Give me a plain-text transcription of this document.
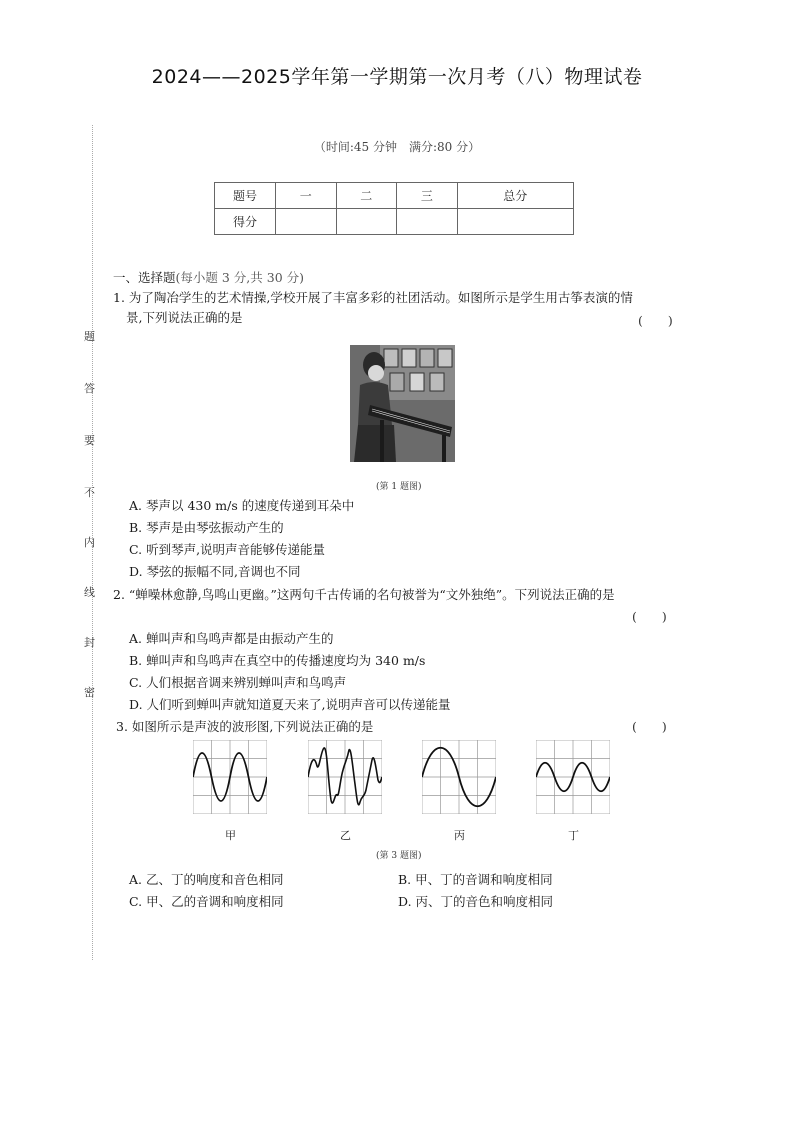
题
答
要
不
内
线
封
密
2024——2025学年第一学期第一次月考（八）物理试卷
（时间:45 分钟　满分:80 分）
题号	一	二	三	总分
得分				
一、选择题(每小题 3 分,共 30 分)
1. 为了陶冶学生的艺术情操,学校开展了丰富多彩的社团活动。如图所示是学生用古筝表演的情
景,下列说法正确的是	(　　)
(第 1 题图)
A. 琴声以 430 m/s 的速度传递到耳朵中
B. 琴声是由琴弦振动产生的
C. 听到琴声,说明声音能够传递能量
D. 琴弦的振幅不同,音调也不同
2. “蝉噪林愈静,鸟鸣山更幽。”这两句千古传诵的名句被誉为“文外独绝”。下列说法正确的是
(　　)
A. 蝉叫声和鸟鸣声都是由振动产生的
B. 蝉叫声和鸟鸣声在真空中的传播速度均为 340 m/s
C. 人们根据音调来辨别蝉叫声和鸟鸣声
D. 人们听到蝉叫声就知道夏天来了,说明声音可以传递能量
3. 如图所示是声波的波形图,下列说法正确的是	(　　)
甲	乙	丙	丁
(第 3 题图)
A. 乙、丁的响度和音色相同	B. 甲、丁的音调和响度相同
C. 甲、乙的音调和响度相同	D. 丙、丁的音色和响度相同
